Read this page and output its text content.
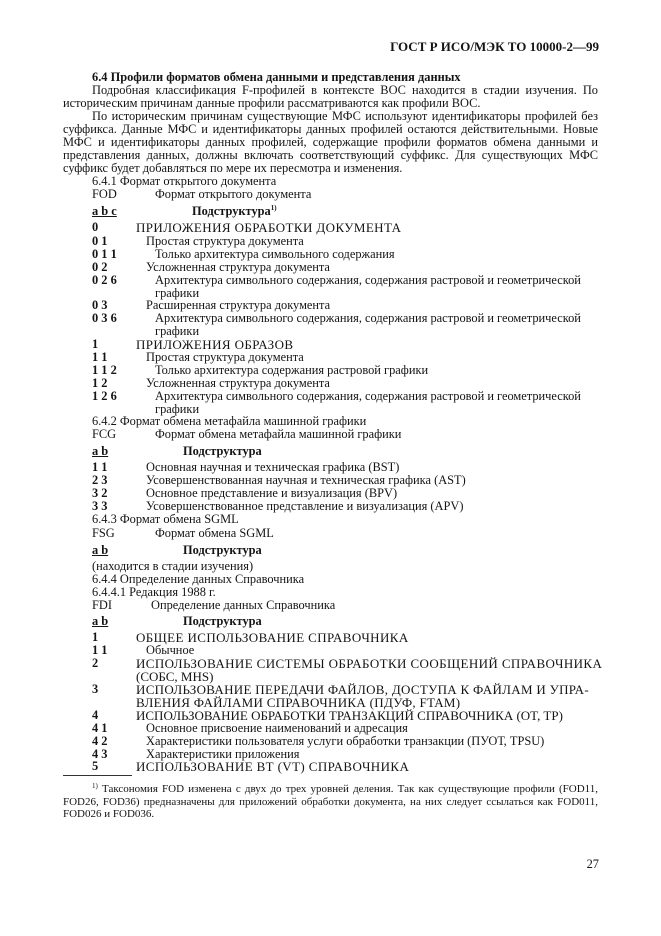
ГОСТ Р ИСО/МЭК ТО 10000-2—99
6.4 Профили форматов обмена данными и представления данных
Подробная классификация F-профилей в контексте ВОС находится в стадии изучения. По
историческим причинам данные профили рассматриваются как профили ВОС.
По историческим причинам существующие МФС используют идентификаторы профилей без
суффикса. Данные МФС и идентификаторы данных профилей остаются действительными. Новые
МФС и идентификаторы данных профилей, содержащие профили форматов обмена данными и
представления данных, должны включать соответствующий суффикс. Для существующих МФС
суффикс будет добавляться по мере их пересмотра и изменения.
6.4.1 Формат открытого документа
FOD	Формат открытого документа
a b c	Подструктура$^{1)}$
0	ПРИЛОЖЕНИЯ ОБРАБОТКИ ДОКУМЕНТА
0 1	Простая структура документа
0 1 1	Только архитектура символьного содержания
0 2	Усложненная структура документа
0 2 6	Архитектура символьного содержания, содержания растровой и геометрической
графики
0 3	Расширенная структура документа
0 3 6	Архитектура символьного содержания, содержания растровой и геометрической
графики
1	ПРИЛОЖЕНИЯ ОБРАЗОВ
1 1	Простая структура документа
1 1 2	Только архитектура содержания растровой графики
1 2	Усложненная структура документа
1 2 6	Архитектура символьного содержания, содержания растровой и геометрической
графики
6.4.2 Формат обмена метафайла машинной графики
FCG	Формат обмена метафайла машинной графики
a b	Подструктура
1 1	Основная научная и техническая графика (BST)
2 3	Усовершенствованная научная и техническая графика (AST)
3 2	Основное представление и визуализация (BPV)
3 3	Усовершенствованное представление и визуализация (APV)
6.4.3 Формат обмена SGML
FSG	Формат обмена SGML
a b	Подструктура
(находится в стадии изучения)
6.4.4 Определение данных Справочника
6.4.4.1 Редакция 1988 г.
FDI	Определение данных Справочника
a b	Подструктура
1	ОБЩЕЕ ИСПОЛЬЗОВАНИЕ СПРАВОЧНИКА
1 1	Обычное
2	ИСПОЛЬЗОВАНИЕ СИСТЕМЫ ОБРАБОТКИ СООБЩЕНИЙ СПРАВОЧНИКА
(СОБС, MHS)
3	ИСПОЛЬЗОВАНИЕ ПЕРЕДАЧИ ФАЙЛОВ, ДОСТУПА К ФАЙЛАМ И УПРА-
ВЛЕНИЯ ФАЙЛАМИ СПРАВОЧНИКА (ПДУФ, FTAM)
4	ИСПОЛЬЗОВАНИЕ ОБРАБОТКИ ТРАНЗАКЦИЙ СПРАВОЧНИКА (OT, TP)
4 1	Основное присвоение наименований и адресация
4 2	Характеристики пользователя услуги обработки транзакции (ПУОТ, TPSU)
4 3	Характеристики приложения
5	ИСПОЛЬЗОВАНИЕ ВТ (VT) СПРАВОЧНИКА
$^{1)}$ Таксономия FOD изменена с двух до трех уровней деления. Так как существующие профили (FOD11,
FOD26, FOD36) предназначены для приложений обработки документа, на них следует ссылаться как FOD011,
FOD026 и FOD036.
27
